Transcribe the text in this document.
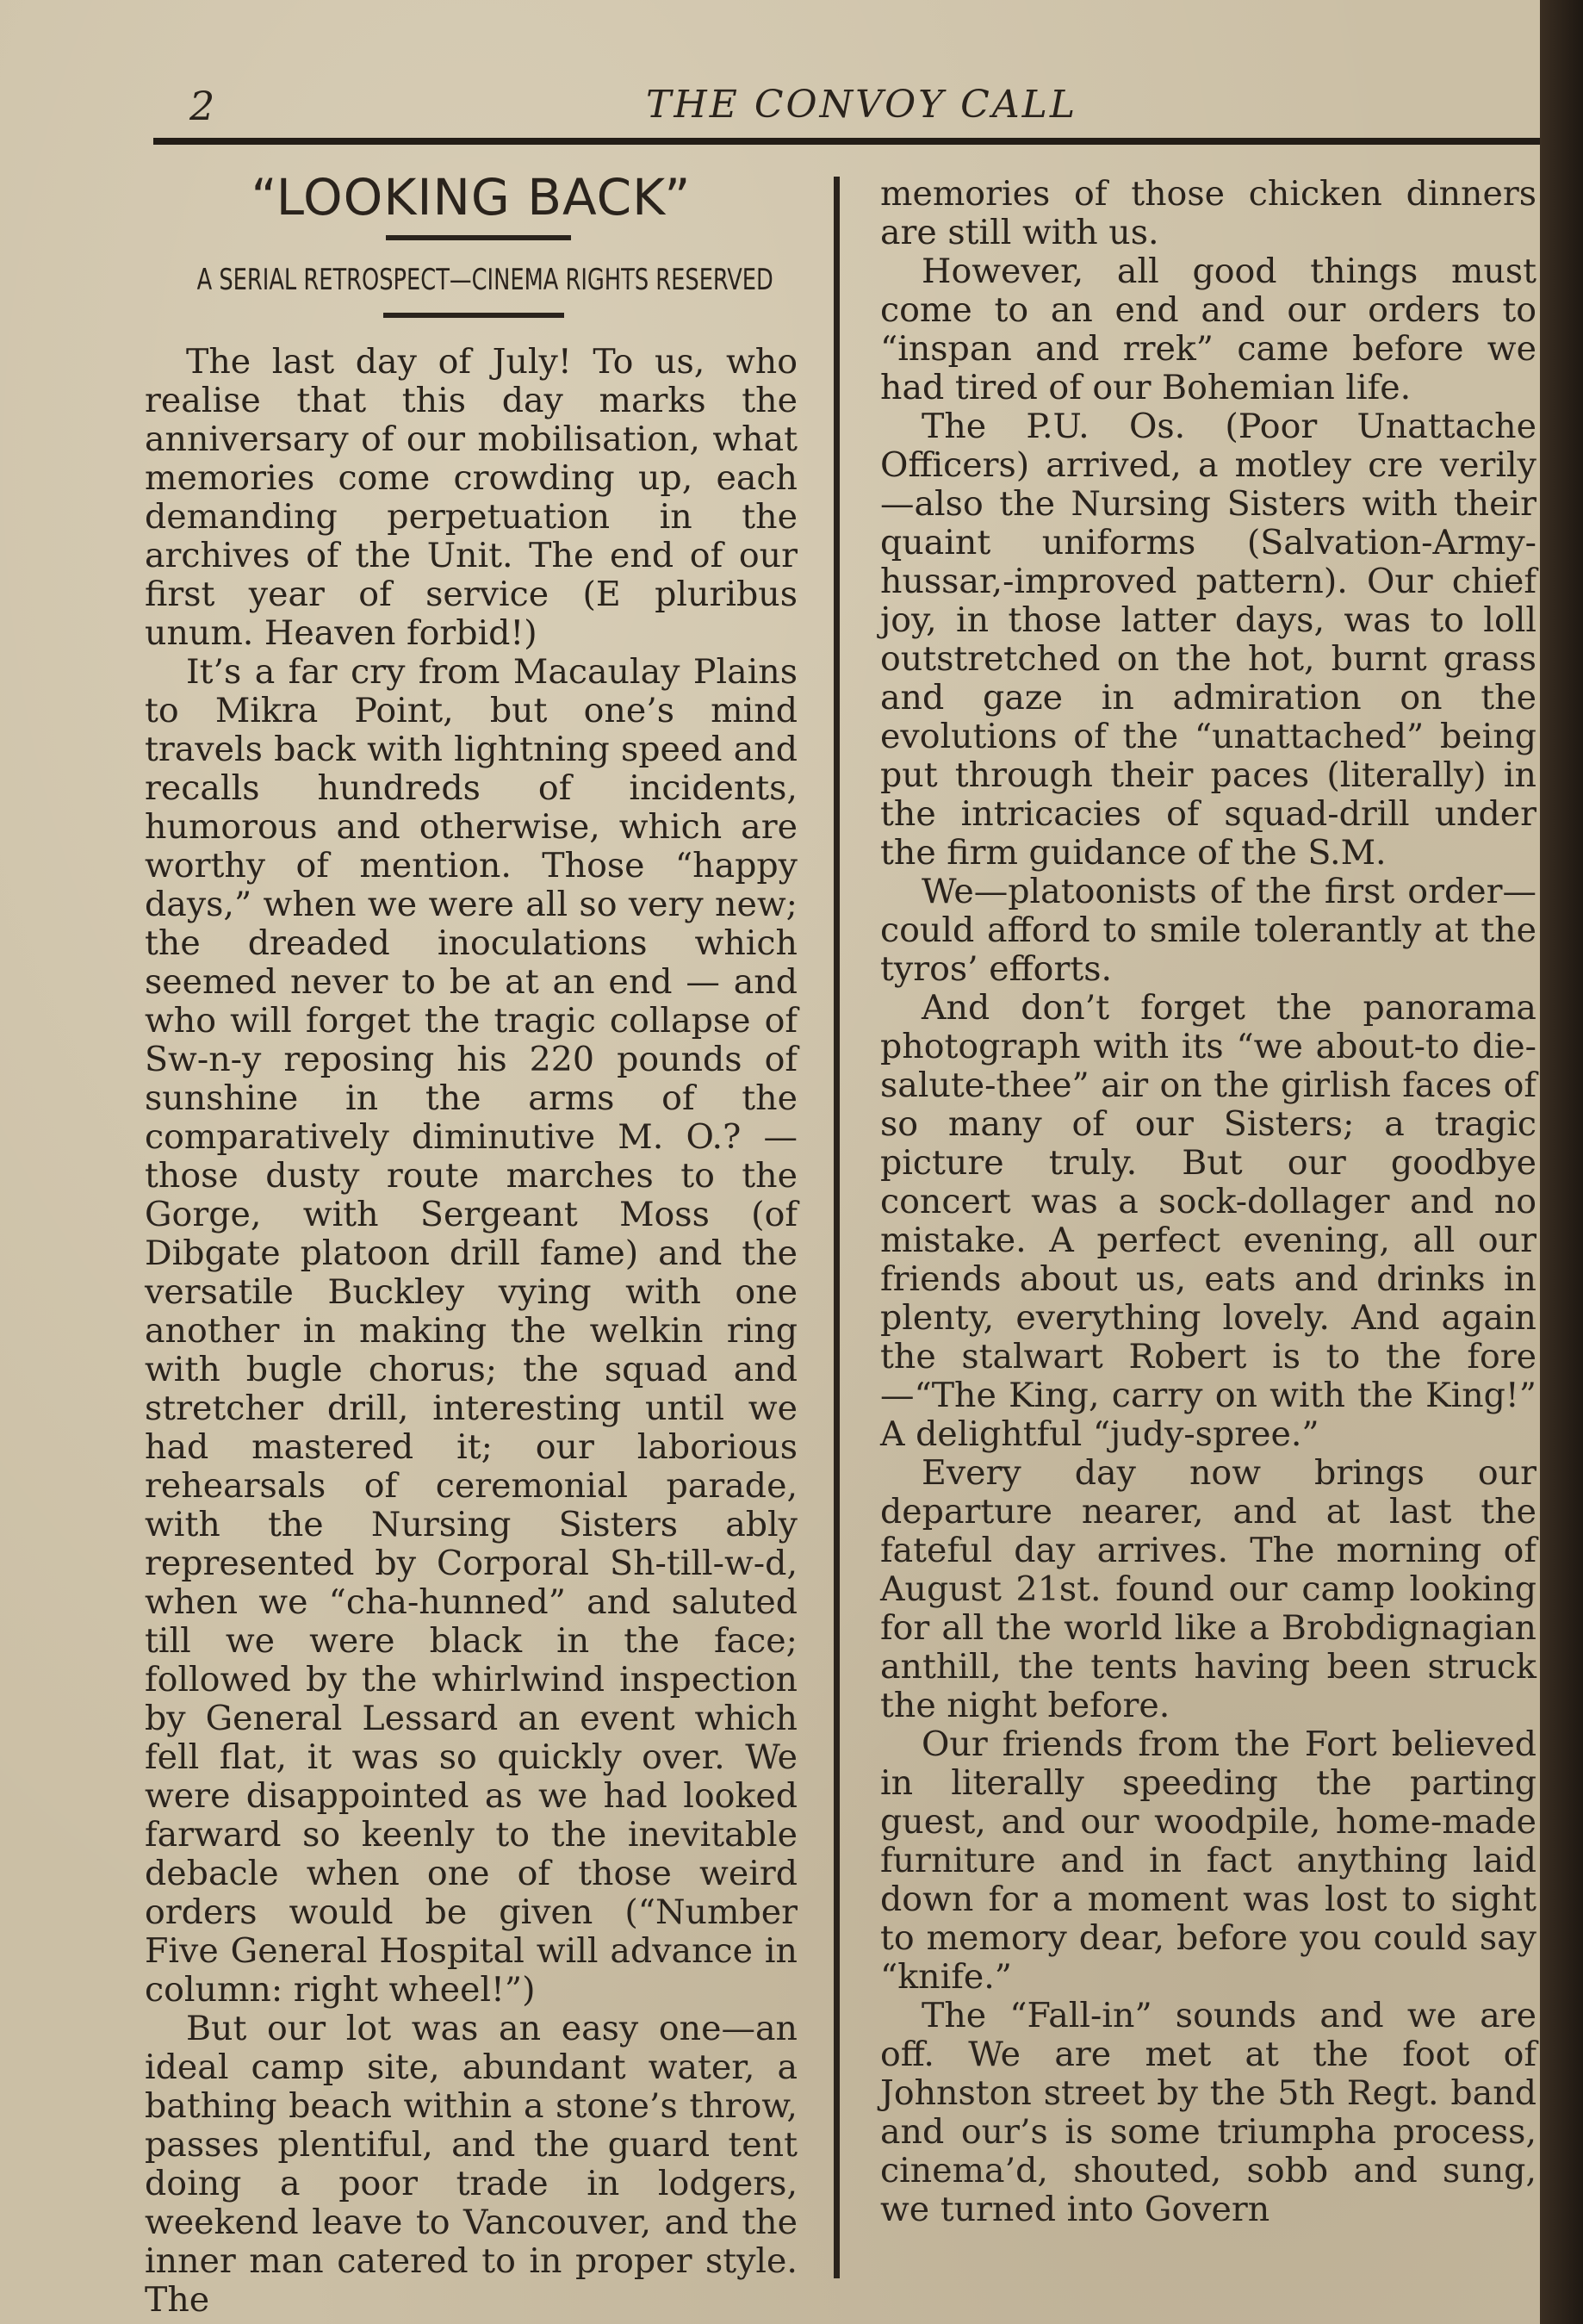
2	THE CONVOY CALL
“LOOKING BACK”
A SERIAL RETROSPECT—CINEMA RIGHTS RESERVED

The last day of July! To us, who realise that this day marks the anniversary of our mobilisation, what memories come crowding up, each demanding perpetuation in the archives of the Unit. The end of our first year of service (E pluribus unum. Heaven forbid!)

It’s a far cry from Macaulay Plains to Mikra Point, but one’s mind travels back with lightning speed and recalls hundreds of incidents, humorous and otherwise, which are worthy of mention. Those “happy days,” when we were all so very new; the dreaded inoculations which seemed never to be at an end — and who will forget the tragic collapse of Sw-n-y reposing his 220 pounds of sunshine in the arms of the comparatively diminutive M. O.? — those dusty route marches to the Gorge, with Sergeant Moss (of Dibgate platoon drill fame) and the versatile Buckley vying with one another in making the welkin ring with bugle chorus; the squad and stretcher drill, interesting until we had mastered it; our laborious rehearsals of ceremonial parade, with the Nursing Sisters ably represented by Corporal Sh-till-w-d, when we “cha-hunned” and saluted till we were black in the face; followed by the whirlwind inspection by General Lessard an event which fell flat, it was so quickly over. We were disappointed as we had looked farward so keenly to the inevitable debacle when one of those weird orders would be given (“Number Five General Hospital will advance in column: right wheel!”)

But our lot was an easy one—an ideal camp site, abundant water, a bathing beach within a stone’s throw, passes plentiful, and the guard tent doing a poor trade in lodgers, weekend leave to Vancouver, and the inner man catered to in proper style. The

memories of those chicken dinners are still with us.

However, all good things must come to an end and our orders to “inspan and rrek” came before we had tired of our Bohemian life.

The P.U. Os. (Poor Unattache Officers) arrived, a motley cre verily—also the Nursing Sisters with their quaint uniforms (Salvation-Army-hussar,-improved pattern). Our chief joy, in those latter days, was to loll outstretched on the hot, burnt grass and gaze in admiration on the evolutions of the “unattached” being put through their paces (literally) in the intricacies of squad-drill under the firm guidance of the S.M.

We—platoonists of the first order—could afford to smile tolerantly at the tyros’ efforts.

And don’t forget the panorama photograph with its “we about-to die-salute-thee” air on the girlish faces of so many of our Sisters; a tragic picture truly. But our goodbye concert was a sock-dollager and no mistake. A perfect evening, all our friends about us, eats and drinks in plenty, everything lovely. And again the stalwart Robert is to the fore—“The King, carry on with the King!” A delightful “judy-spree.”

Every day now brings our departure nearer, and at last the fateful day arrives. The morning of August 21st. found our camp looking for all the world like a Brobdignagian anthill, the tents having been struck the night before.

Our friends from the Fort believed in literally speeding the parting guest, and our woodpile, home-made furniture and in fact anything laid down for a moment was lost to sight to memory dear, before you could say “knife.”

The “Fall-in” sounds and we are off. We are met at the foot of Johnston street by the 5th Regt. band and our’s is some triumpha process, cinema’d, shouted, sobb and sung, we turned into Govern
